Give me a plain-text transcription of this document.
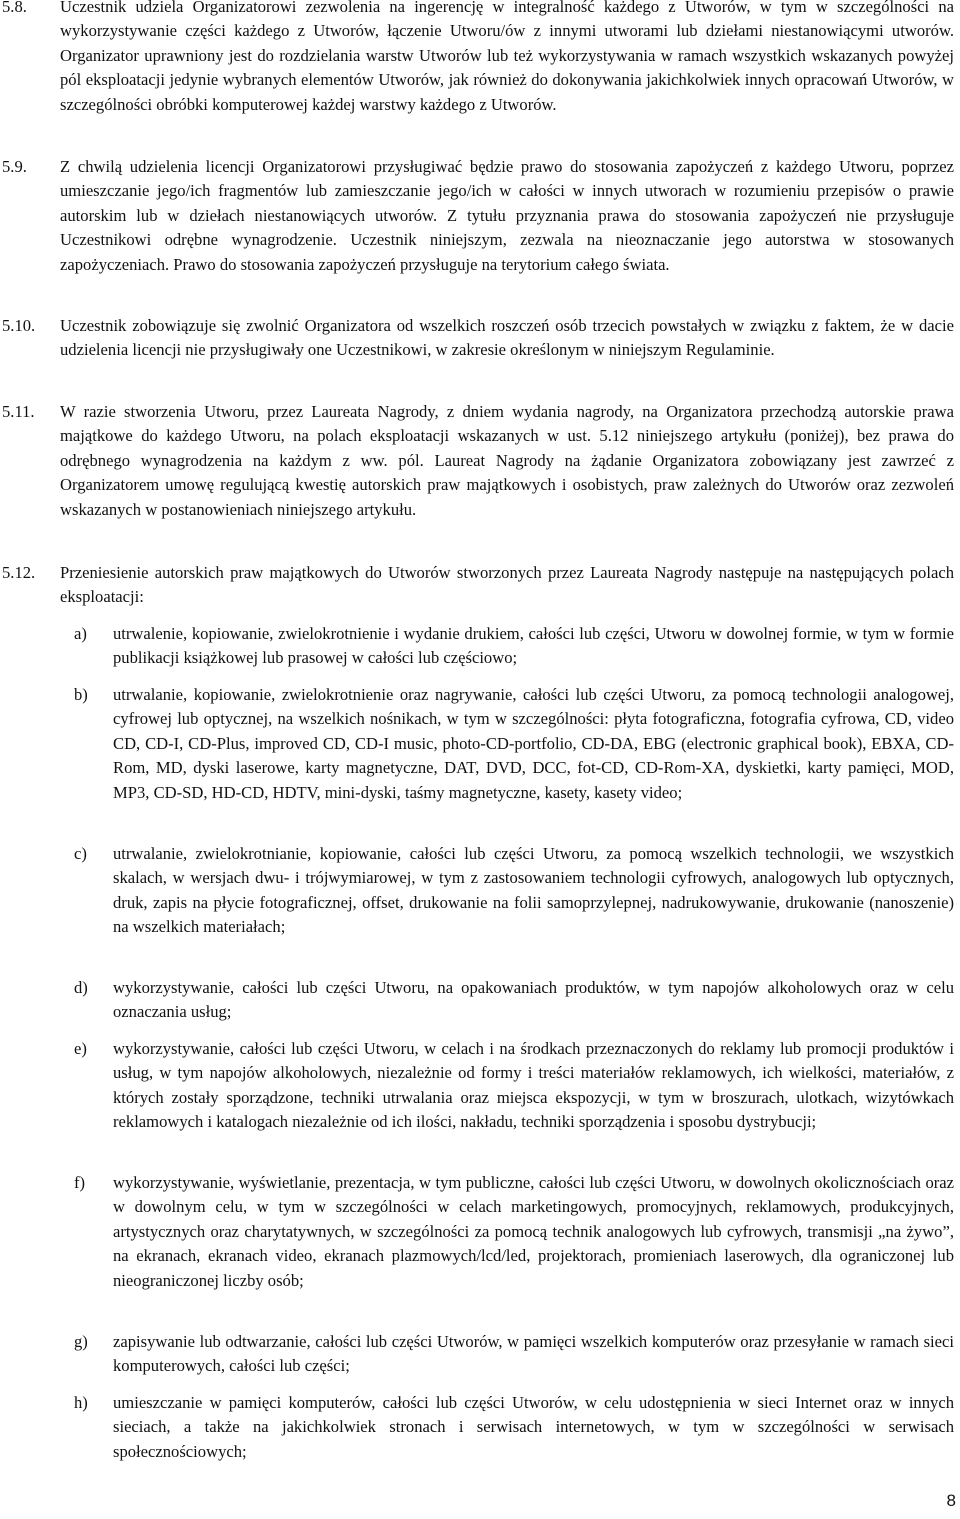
5.8. Uczestnik udziela Organizatorowi zezwolenia na ingerencję w integralność każdego z Utworów, w tym w szczególności na wykorzystywanie części każdego z Utworów, łączenie Utworu/ów z innymi utworami lub dziełami niestanowiącymi utworów. Organizator uprawniony jest do rozdzielania warstw Utworów lub też wykorzystywania w ramach wszystkich wskazanych powyżej pól eksploatacji jedynie wybranych elementów Utworów, jak również do dokonywania jakichkolwiek innych opracowań Utworów, w szczególności obróbki komputerowej każdej warstwy każdego z Utworów.

5.9. Z chwilą udzielenia licencji Organizatorowi przysługiwać będzie prawo do stosowania zapożyczeń z każdego Utworu, poprzez umieszczanie jego/ich fragmentów lub zamieszczanie jego/ich w całości w innych utworach w rozumieniu przepisów o prawie autorskim lub w dziełach niestanowiących utworów. Z tytułu przyznania prawa do stosowania zapożyczeń nie przysługuje Uczestnikowi odrębne wynagrodzenie. Uczestnik niniejszym, zezwala na nieoznaczanie jego autorstwa w stosowanych zapożyczeniach. Prawo do stosowania zapożyczeń przysługuje na terytorium całego świata.

5.10. Uczestnik zobowiązuje się zwolnić Organizatora od wszelkich roszczeń osób trzecich powstałych w związku z faktem, że w dacie udzielenia licencji nie przysługiwały one Uczestnikowi, w zakresie określonym w niniejszym Regulaminie.

5.11. W razie stworzenia Utworu, przez Laureata Nagrody, z dniem wydania nagrody, na Organizatora przechodzą autorskie prawa majątkowe do każdego Utworu, na polach eksploatacji wskazanych w ust. 5.12 niniejszego artykułu (poniżej), bez prawa do odrębnego wynagrodzenia na każdym z ww. pól. Laureat Nagrody na żądanie Organizatora zobowiązany jest zawrzeć z Organizatorem umowę regulującą kwestię autorskich praw majątkowych i osobistych, praw zależnych do Utworów oraz zezwoleń wskazanych w postanowieniach niniejszego artykułu.

5.12. Przeniesienie autorskich praw majątkowych do Utworów stworzonych przez Laureata Nagrody następuje na następujących polach eksploatacji:

a) utrwalenie, kopiowanie, zwielokrotnienie i wydanie drukiem, całości lub części, Utworu w dowolnej formie, w tym w formie publikacji książkowej lub prasowej w całości lub częściowo;

b) utrwalanie, kopiowanie, zwielokrotnienie oraz nagrywanie, całości lub części Utworu, za pomocą technologii analogowej, cyfrowej lub optycznej, na wszelkich nośnikach, w tym w szczególności: płyta fotograficzna, fotografia cyfrowa, CD, video CD, CD-I, CD-Plus, improved CD, CD-I music, photo-CD-portfolio, CD-DA, EBG (electronic graphical book), EBXA, CD-Rom, MD, dyski laserowe, karty magnetyczne, DAT, DVD, DCC, fot-CD, CD-Rom-XA, dyskietki, karty pamięci, MOD, MP3, CD-SD, HD-CD, HDTV, mini-dyski, taśmy magnetyczne, kasety, kasety video;

c) utrwalanie, zwielokrotnianie, kopiowanie, całości lub części Utworu, za pomocą wszelkich technologii, we wszystkich skalach, w wersjach dwu- i trójwymiarowej, w tym z zastosowaniem technologii cyfrowych, analogowych lub optycznych, druk, zapis na płycie fotograficznej, offset, drukowanie na folii samoprzylepnej, nadrukowywanie, drukowanie (nanoszenie) na wszelkich materiałach;

d) wykorzystywanie, całości lub części Utworu, na opakowaniach produktów, w tym napojów alkoholowych oraz w celu oznaczania usług;

e) wykorzystywanie, całości lub części Utworu, w celach i na środkach przeznaczonych do reklamy lub promocji produktów i usług, w tym napojów alkoholowych, niezależnie od formy i treści materiałów reklamowych, ich wielkości, materiałów, z których zostały sporządzone, techniki utrwalania oraz miejsca ekspozycji, w tym w broszurach, ulotkach, wizytówkach reklamowych i katalogach niezależnie od ich ilości, nakładu, techniki sporządzenia i sposobu dystrybucji;

f) wykorzystywanie, wyświetlanie, prezentacja, w tym publiczne, całości lub części Utworu, w dowolnych okolicznościach oraz w dowolnym celu, w tym w szczególności w celach marketingowych, promocyjnych, reklamowych, produkcyjnych, artystycznych oraz charytatywnych, w szczególności za pomocą technik analogowych lub cyfrowych, transmisji „na żywo”, na ekranach, ekranach video, ekranach plazmowych/lcd/led, projektorach, promieniach laserowych, dla ograniczonej lub nieograniczonej liczby osób;

g) zapisywanie lub odtwarzanie, całości lub części Utworów, w pamięci wszelkich komputerów oraz przesyłanie w ramach sieci komputerowych, całości lub części;

h) umieszczanie w pamięci komputerów, całości lub części Utworów, w celu udostępnienia w sieci Internet oraz w innych sieciach, a także na jakichkolwiek stronach i serwisach internetowych, w tym w szczególności w serwisach społecznościowych;

8
